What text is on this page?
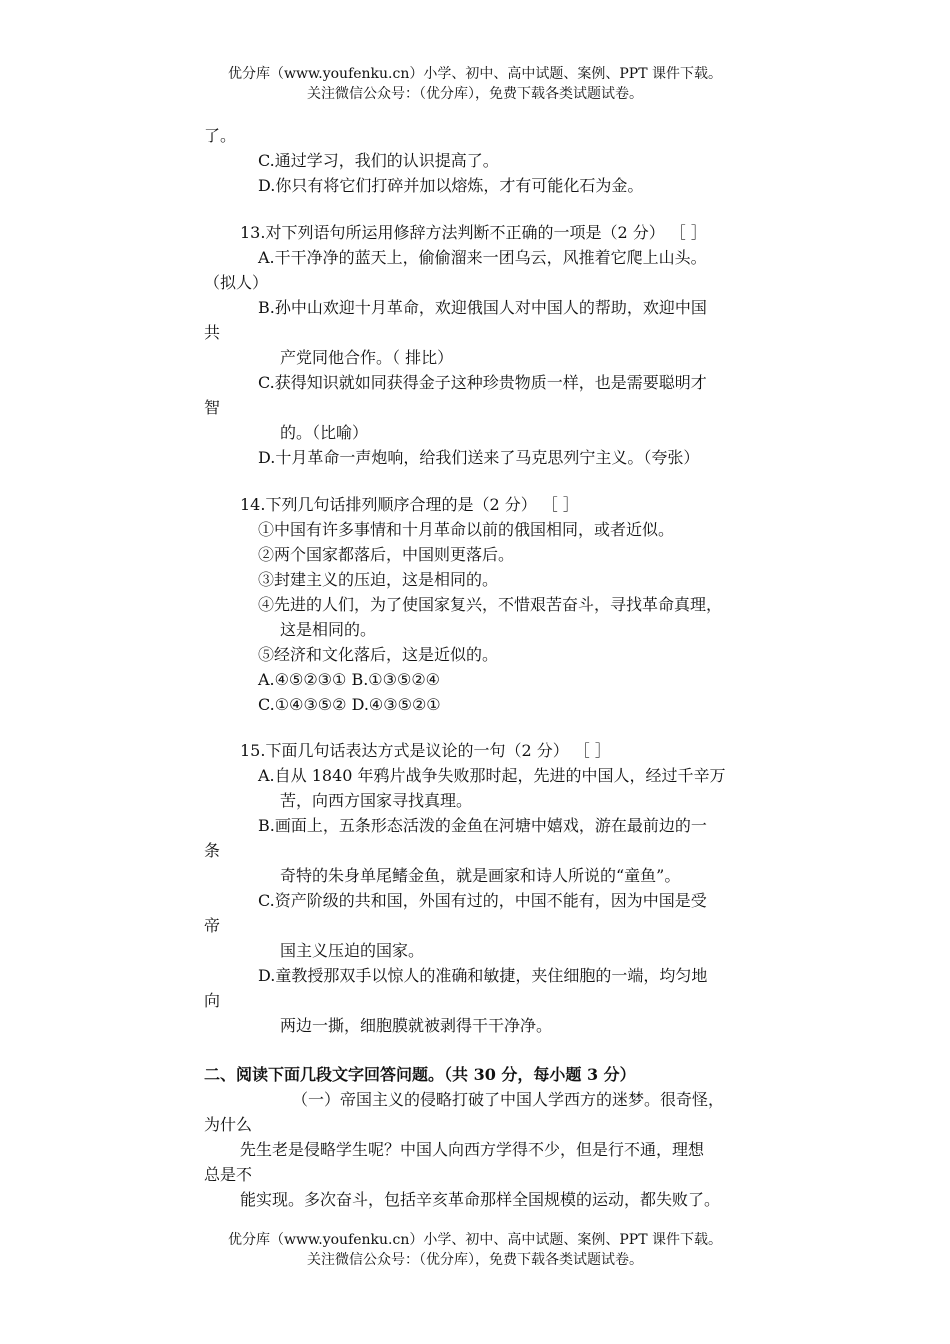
优分库（www.youfenku.cn）小学、初中、高中试题、案例、PPT 课件下载。
关注微信公众号：（优分库），免费下载各类试题试卷。
了。
C.通过学习，我们的认识提高了。
D.你只有将它们打碎并加以熔炼，才有可能化石为金。
13.对下列语句所运用修辞方法判断不正确的一项是（2 分） ［ ］
A.干干净净的蓝天上，偷偷溜来一团乌云，风推着它爬上山头。
（拟人）
B.孙中山欢迎十月革命，欢迎俄国人对中国人的帮助，欢迎中国
共
产党同他合作。（ 排比）
C.获得知识就如同获得金子这种珍贵物质一样，也是需要聪明才
智
的。（比喻）
D.十月革命一声炮响，给我们送来了马克思列宁主义。（夸张）
14.下列几句话排列顺序合理的是（2 分） ［ ］
①中国有许多事情和十月革命以前的俄国相同，或者近似。
②两个国家都落后，中国则更落后。
③封建主义的压迫，这是相同的。
④先进的人们，为了使国家复兴，不惜艰苦奋斗，寻找革命真理，
这是相同的。
⑤经济和文化落后，这是近似的。
A.④⑤②③① B.①③⑤②④
C.①④③⑤② D.④③⑤②①
15.下面几句话表达方式是议论的一句（2 分） ［ ］
A.自从 1840 年鸦片战争失败那时起，先进的中国人，经过千辛万
苦，向西方国家寻找真理。
B.画面上，五条形态活泼的金鱼在河塘中嬉戏，游在最前边的一
条
奇特的朱身单尾鳍金鱼，就是画家和诗人所说的“童鱼”。
C.资产阶级的共和国，外国有过的，中国不能有，因为中国是受
帝
国主义压迫的国家。
D.童教授那双手以惊人的准确和敏捷，夹住细胞的一端，均匀地
向
两边一撕，细胞膜就被剥得干干净净。
二、阅读下面几段文字回答问题。（共 30 分，每小题 3 分）
（一）帝国主义的侵略打破了中国人学西方的迷梦。很奇怪，
为什么
先生老是侵略学生呢？中国人向西方学得不少，但是行不通，理想
总是不
能实现。多次奋斗，包括辛亥革命那样全国规模的运动，都失败了。
优分库（www.youfenku.cn）小学、初中、高中试题、案例、PPT 课件下载。
关注微信公众号：（优分库），免费下载各类试题试卷。
